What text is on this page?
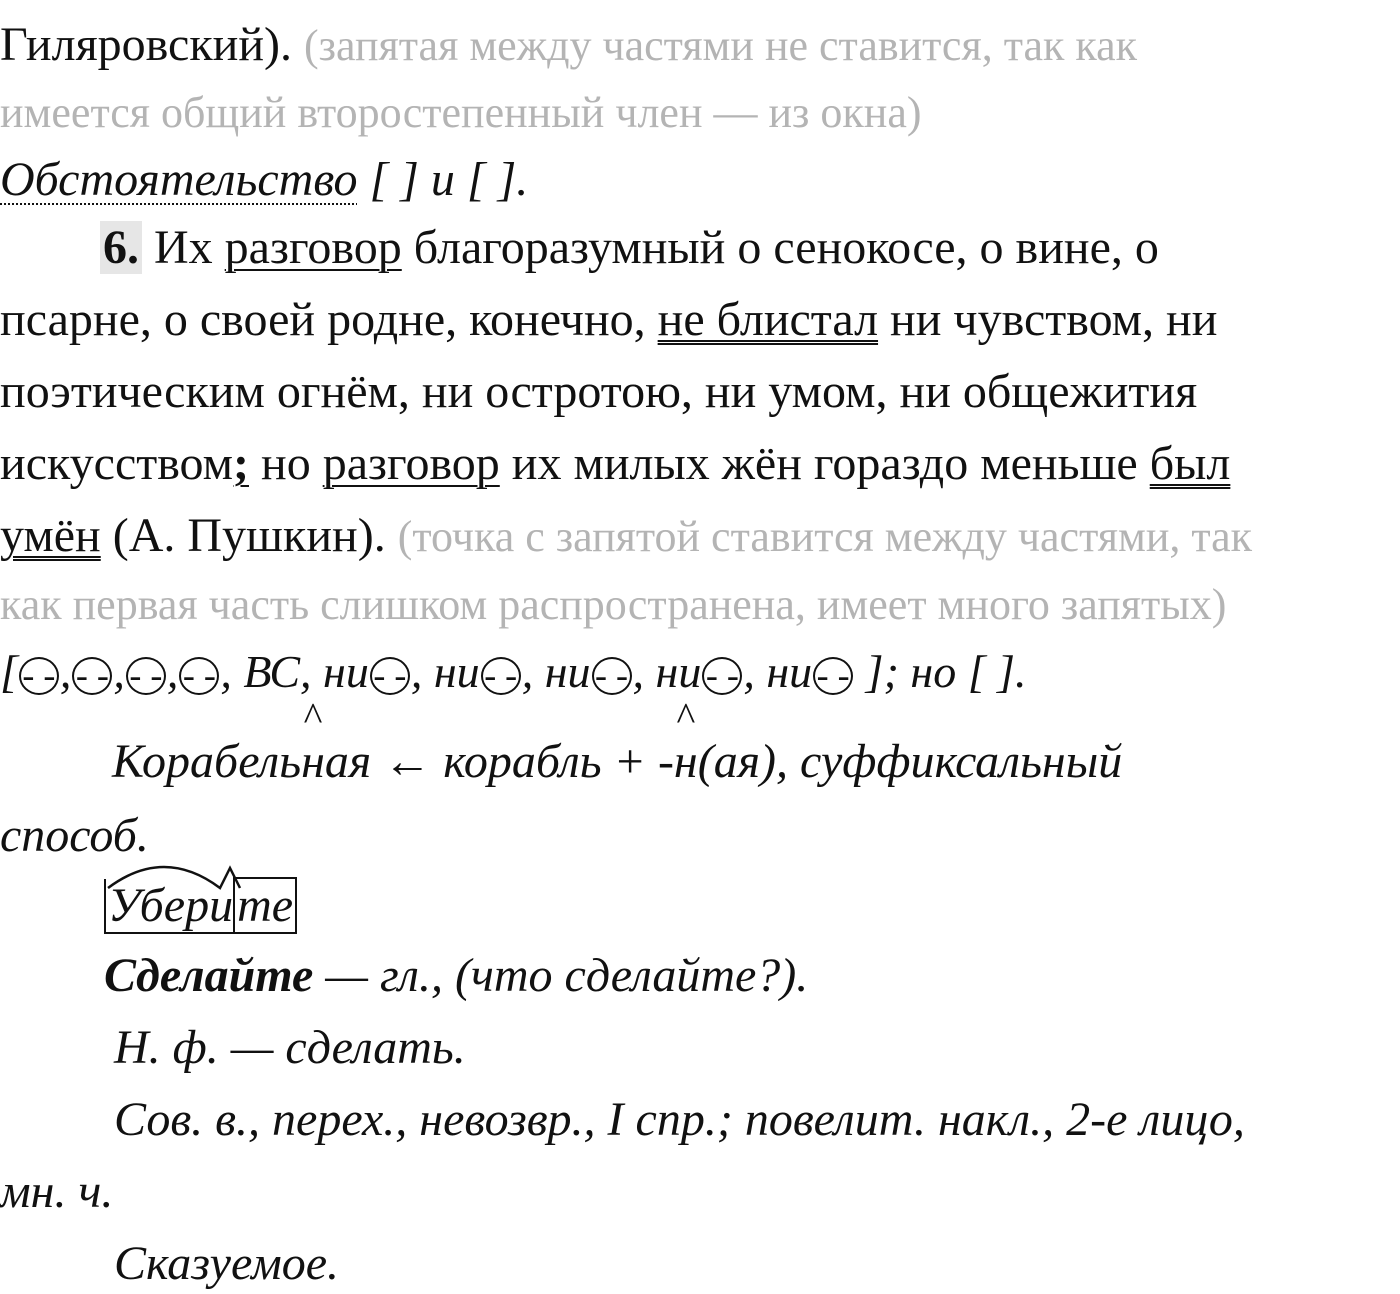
Гиляровский). (запятая между частями не ставится, так как
имеется общий второстепенный член — из окна)
Обстоятельство [ ] и [ ].
6. Их разговор благоразумный о сенокосе, о вине, о
псарне, о своей родне, конечно, не блистал ни чувством, ни
поэтическим огнём, ни остротою, ни умом, ни общежития
искусством; но разговор их милых жён гораздо меньше был
умён (А. Пушкин). (точка с запятой ставится между частями, так
как первая часть слишком распространена, имеет много запятых)
[ - -, - -, - -, - -, ВС, ни - -, ни - -, ни - -, ни - -, ни - - ]; но [ ].
Корабель
^
ная ← корабль + -
^
н(ая), суффиксальный
способ.
Уберите
Сделайте — гл., (что сделайте?).
Н. ф. — сделать.
Сов. в., перех., невозвр., I спр.; повелит. накл., 2-е лицо,
мн. ч.
Сказуемое.
